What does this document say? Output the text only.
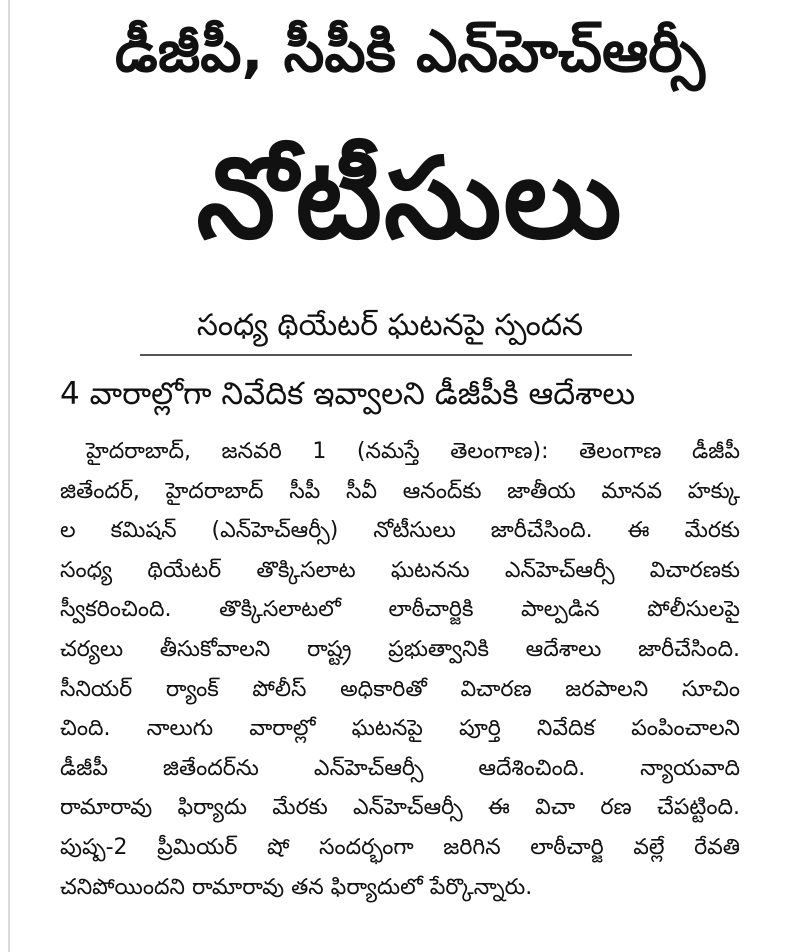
డీజీపీ, సీపీకి ఎన్‌హెచ్‌ఆర్సీ
నోటీసులు
సంధ్య థియేటర్ ఘటనపై స్పందన
4 వారాల్లోగా నివేదిక ఇవ్వాలని డీజీపీకి ఆదేశాలు
హైదరాబాద్, జనవరి 1 (నమస్తే తెలంగాణ): తెలంగాణ డీజీపీ
జితేందర్, హైదరాబాద్ సీపీ సీవీ ఆనంద్‌కు జాతీయ మానవ హక్కు
ల కమిషన్ (ఎన్‌హెచ్‌ఆర్సీ) నోటీసులు జారీచేసింది. ఈ మేరకు
సంధ్య థియేటర్ తొక్కిసలాట ఘటనను ఎన్‌హెచ్‌ఆర్సీ విచారణకు
స్వీకరించింది. తొక్కిసలాటలో లాఠీచార్జికి పాల్పడిన పోలీసులపై
చర్యలు తీసుకోవాలని రాష్ట్ర ప్రభుత్వానికి ఆదేశాలు జారీచేసింది.
సీనియర్ ర్యాంక్ పోలీస్ అధికారితో విచారణ జరపాలని సూచిం
చింది. నాలుగు వారాల్లో ఘటనపై పూర్తి నివేదిక పంపించాలని
డీజీపీ జితేందర్‌ను ఎన్‌హెచ్‌ఆర్సీ ఆదేశించింది. న్యాయవాది
రామారావు ఫిర్యాదు మేరకు ఎన్‌హెచ్‌ఆర్సీ ఈ విచా రణ చేపట్టింది.
పుష్ప-2 ప్రీమియర్ షో సందర్భంగా జరిగిన లాఠీచార్జి వల్లే రేవతి
చనిపోయిందని రామారావు తన ఫిర్యాదులో పేర్కొన్నారు.
